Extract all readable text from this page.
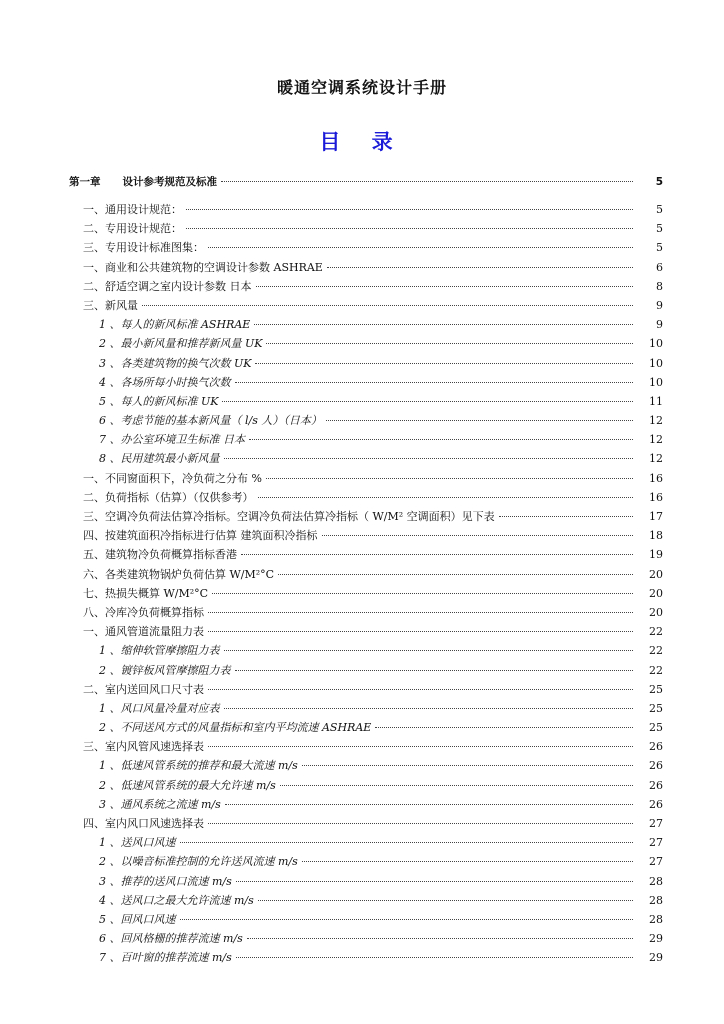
暖通空调系统设计手册
目 录
第一章 设计参考规范及标准	5
一、通用设计规范：	5
二、专用设计规范：	5
三、专用设计标准图集：	5
一、商业和公共建筑物的空调设计参数 ASHRAE	6
二、舒适空调之室内设计参数 日本	8
三、新风量	9
1 、每人的新风标准 ASHRAE	9
2 、最小新风量和推荐新风量 UK	10
3 、各类建筑物的换气次数 UK	10
4 、各场所每小时换气次数	10
5 、每人的新风标准 UK	11
6 、考虑节能的基本新风量（ l/s 人）（日本）	12
7 、办公室环境卫生标准 日本	12
8 、民用建筑最小新风量	12
一、不同窗面积下，冷负荷之分布 %	16
二、负荷指标（估算）（仅供参考）	16
三、空调冷负荷法估算冷指标。空调冷负荷法估算冷指标（ W/M² 空调面积）见下表	17
四、按建筑面积冷指标进行估算 建筑面积冷指标	18
五、建筑物冷负荷概算指标香港	19
六、各类建筑物锅炉负荷估算 W/M²°C	20
七、热损失概算 W/M²°C	20
八、冷库冷负荷概算指标	20
一、通风管道流量阻力表	22
1 、缩伸软管摩擦阻力表	22
2 、镀锌板风管摩擦阻力表	22
二、室内送回风口尺寸表	25
1 、风口风量冷量对应表	25
2 、不同送风方式的风量指标和室内平均流速 ASHRAE	25
三、室内风管风速选择表	26
1 、低速风管系统的推荐和最大流速 m/s	26
2 、低速风管系统的最大允许速 m/s	26
3 、通风系统之流速 m/s	26
四、室内风口风速选择表	27
1 、送风口风速	27
2 、以噪音标准控制的允许送风流速 m/s	27
3 、推荐的送风口流速 m/s	28
4 、送风口之最大允许流速 m/s	28
5 、回风口风速	28
6 、回风格栅的推荐流速 m/s	29
7 、百叶窗的推荐流速 m/s	29
